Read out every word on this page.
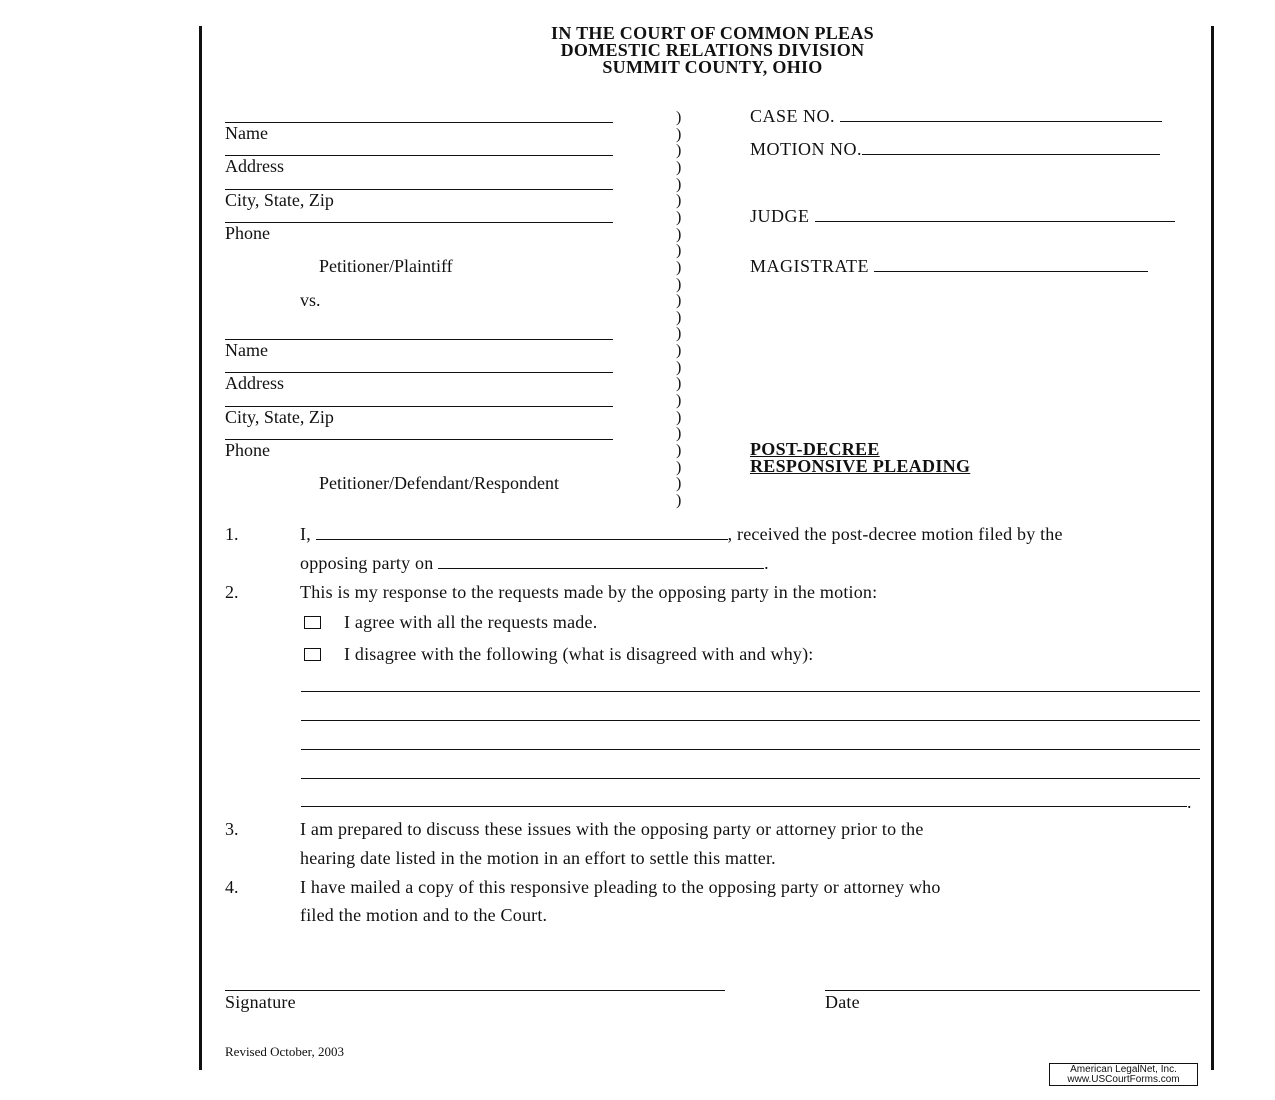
IN THE COURT OF COMMON PLEAS
DOMESTIC RELATIONS DIVISION
SUMMIT COUNTY, OHIO
Name
Address
City, State, Zip
Phone
Petitioner/Plaintiff
vs.
Name
Address
City, State, Zip
Phone
Petitioner/Defendant/Respondent
)
)
)
)
)
)
)
)
)
)
)
)
)
)
)
)
)
)
)
)
)
)
)
)
CASE NO.
MOTION NO.
JUDGE
MAGISTRATE
POST-DECREE
RESPONSIVE PLEADING
1.	I,	, received the post-decree motion filed by the
opposing party on	.
2.	This is my response to the requests made by the opposing party in the motion:
I agree with all the requests made.
I disagree with the following (what is disagreed with and why):
.
3.	I am prepared to discuss these issues with the opposing party or attorney prior to the
hearing date listed in the motion in an effort to settle this matter.
4.	I have mailed a copy of this responsive pleading to the opposing party or attorney who
filed the motion and to the Court.
Signature	Date
Revised October, 2003
American LegalNet, Inc.
www.USCourtForms.com
